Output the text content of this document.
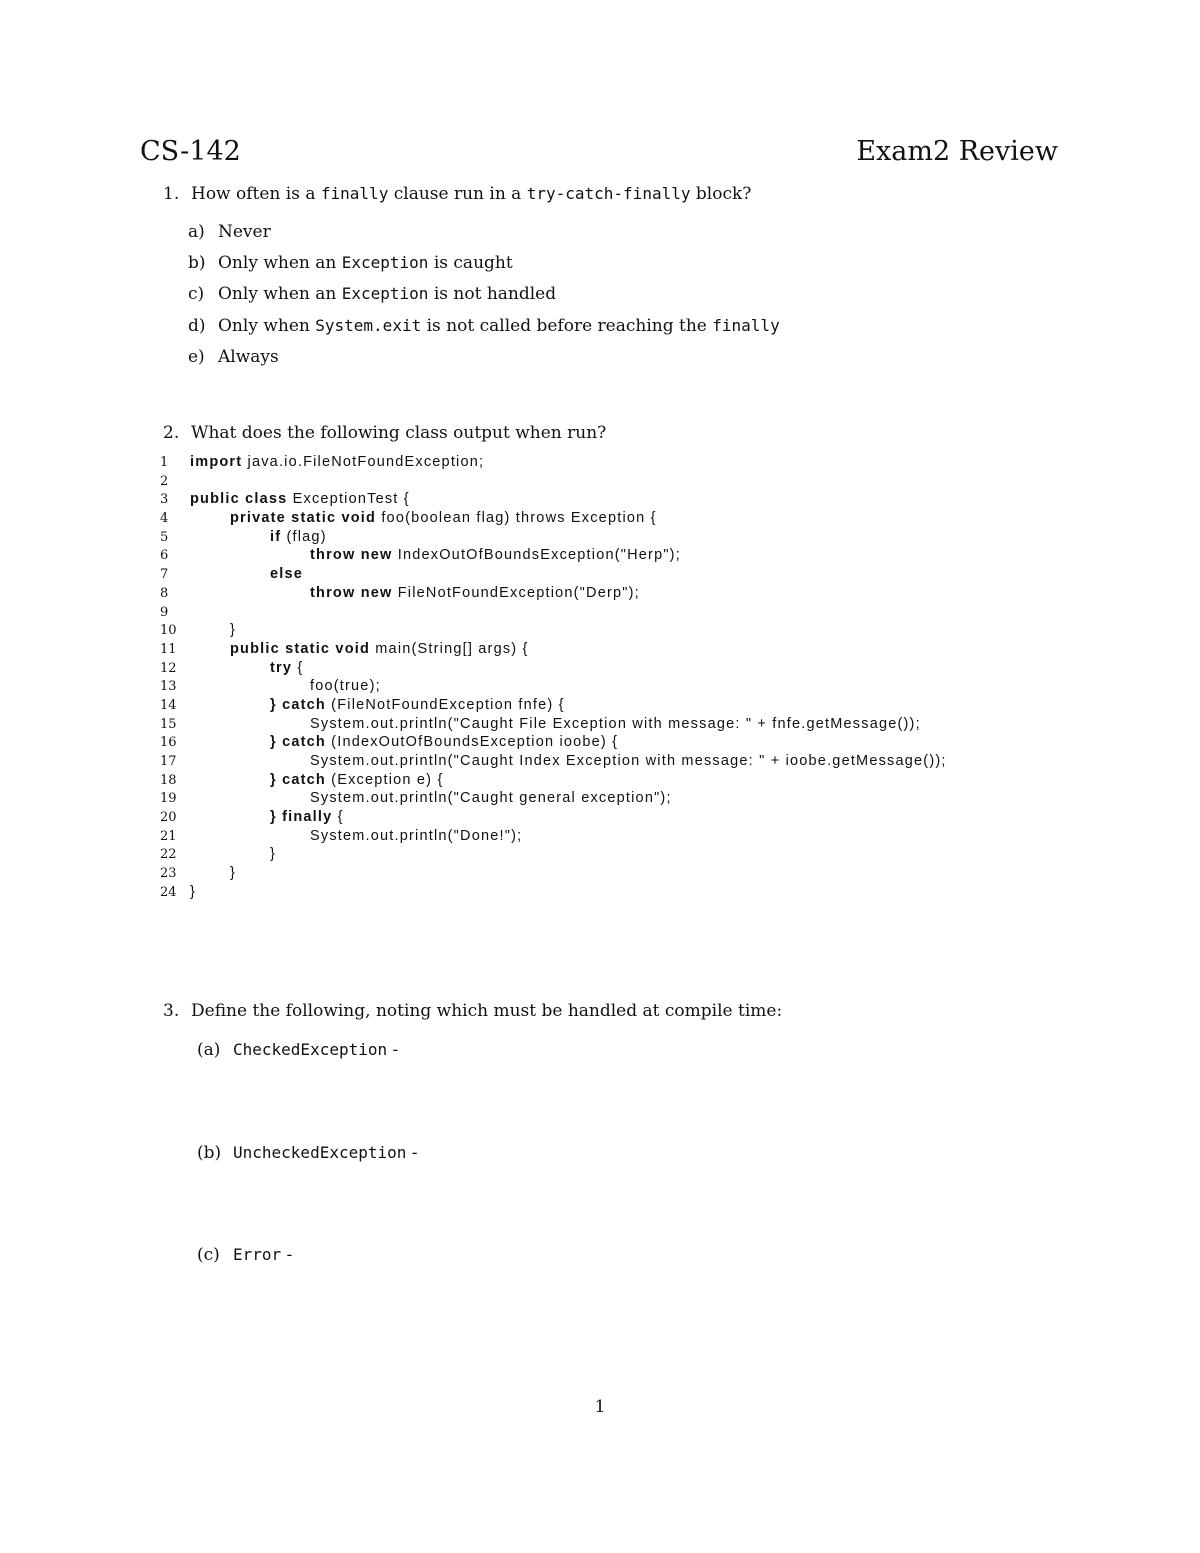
CS-142	Exam2 Review
1. How often is a finally clause run in a try-catch-finally block?
a) Never
b) Only when an Exception is caught
c) Only when an Exception is not handled
d) Only when System.exit is not called before reaching the finally
e) Always
2. What does the following class output when run?
1 import java.io.FileNotFoundException;
2
3 public class ExceptionTest {
4	private static void foo(boolean flag) throws Exception {
5	if (flag)
6	throw new IndexOutOfBoundsException("Herp");
7	else
8	throw new FileNotFoundException("Derp");
9
10	}
11	public static void main(String[] args) {
12	try {
13	foo(true);
14	} catch (FileNotFoundException fnfe) {
15	System.out.println("Caught File Exception with message: " + fnfe.getMessage());
16	} catch (IndexOutOfBoundsException ioobe) {
17	System.out.println("Caught Index Exception with message: " + ioobe.getMessage());
18	} catch (Exception e) {
19	System.out.println("Caught general exception");
20	} finally {
21	System.out.println("Done!");
22	}
23	}
24 }
3. Define the following, noting which must be handled at compile time:
(a) CheckedException -
(b) UncheckedException -
(c) Error -
1
